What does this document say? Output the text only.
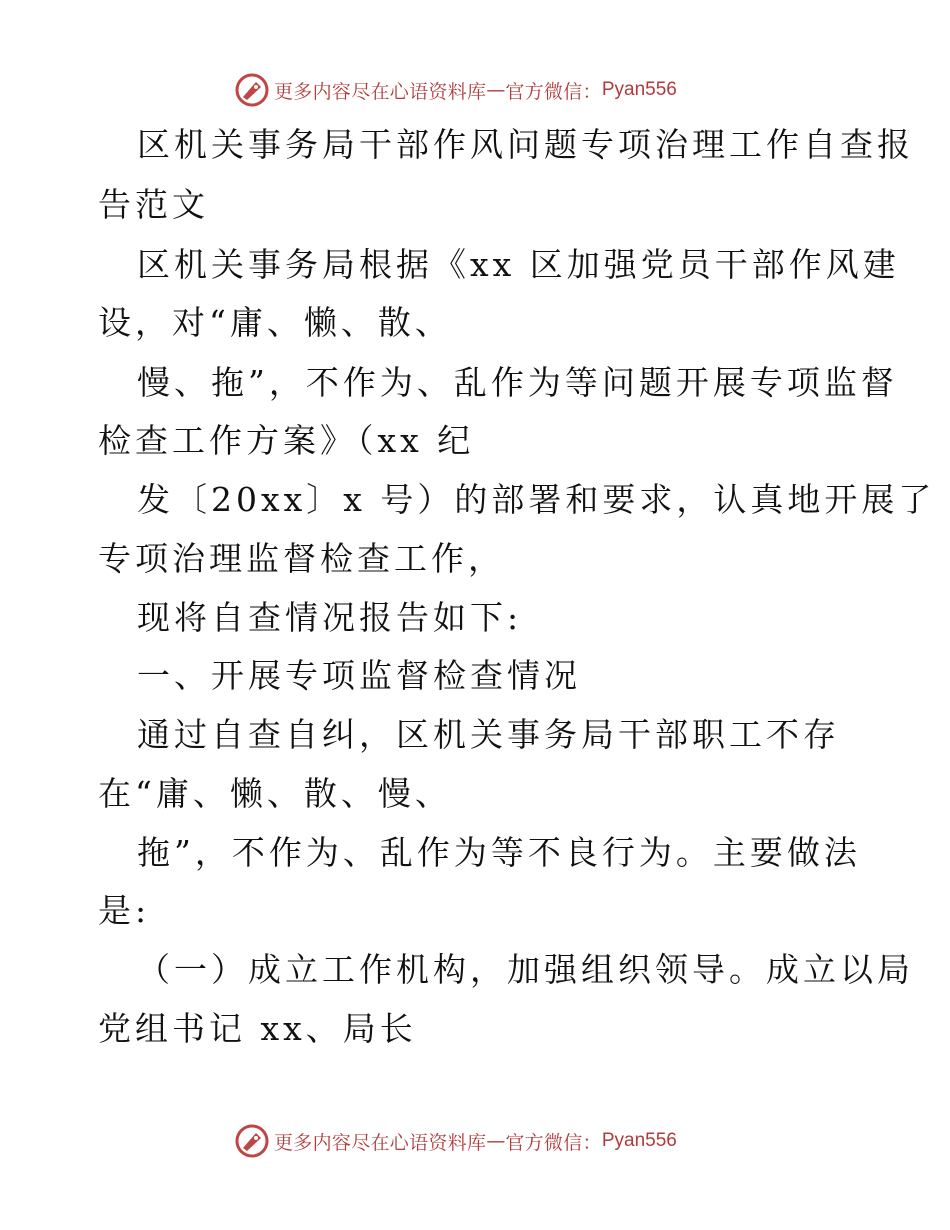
更多内容尽在心语资料库 — 官方微信： Pyan556
区机关事务局干部作风问题专项治理工作自查报
告范文
区机关事务局根据《xx 区加强党员干部作风建
设，对“庸、懒、散、
慢、拖”，不作为、乱作为等问题开展专项监督
检查工作方案》（xx 纪
发〔20xx〕x 号）的部署和要求，认真地开展了
专项治理监督检查工作，
现将自查情况报告如下:
一、开展专项监督检查情况
通过自查自纠，区机关事务局干部职工不存
在“庸、懒、散、慢、
拖”，不作为、乱作为等不良行为。主要做法
是:
（一）成立工作机构，加强组织领导。成立以局
党组书记 xx、局长
更多内容尽在心语资料库 — 官方微信： Pyan556
